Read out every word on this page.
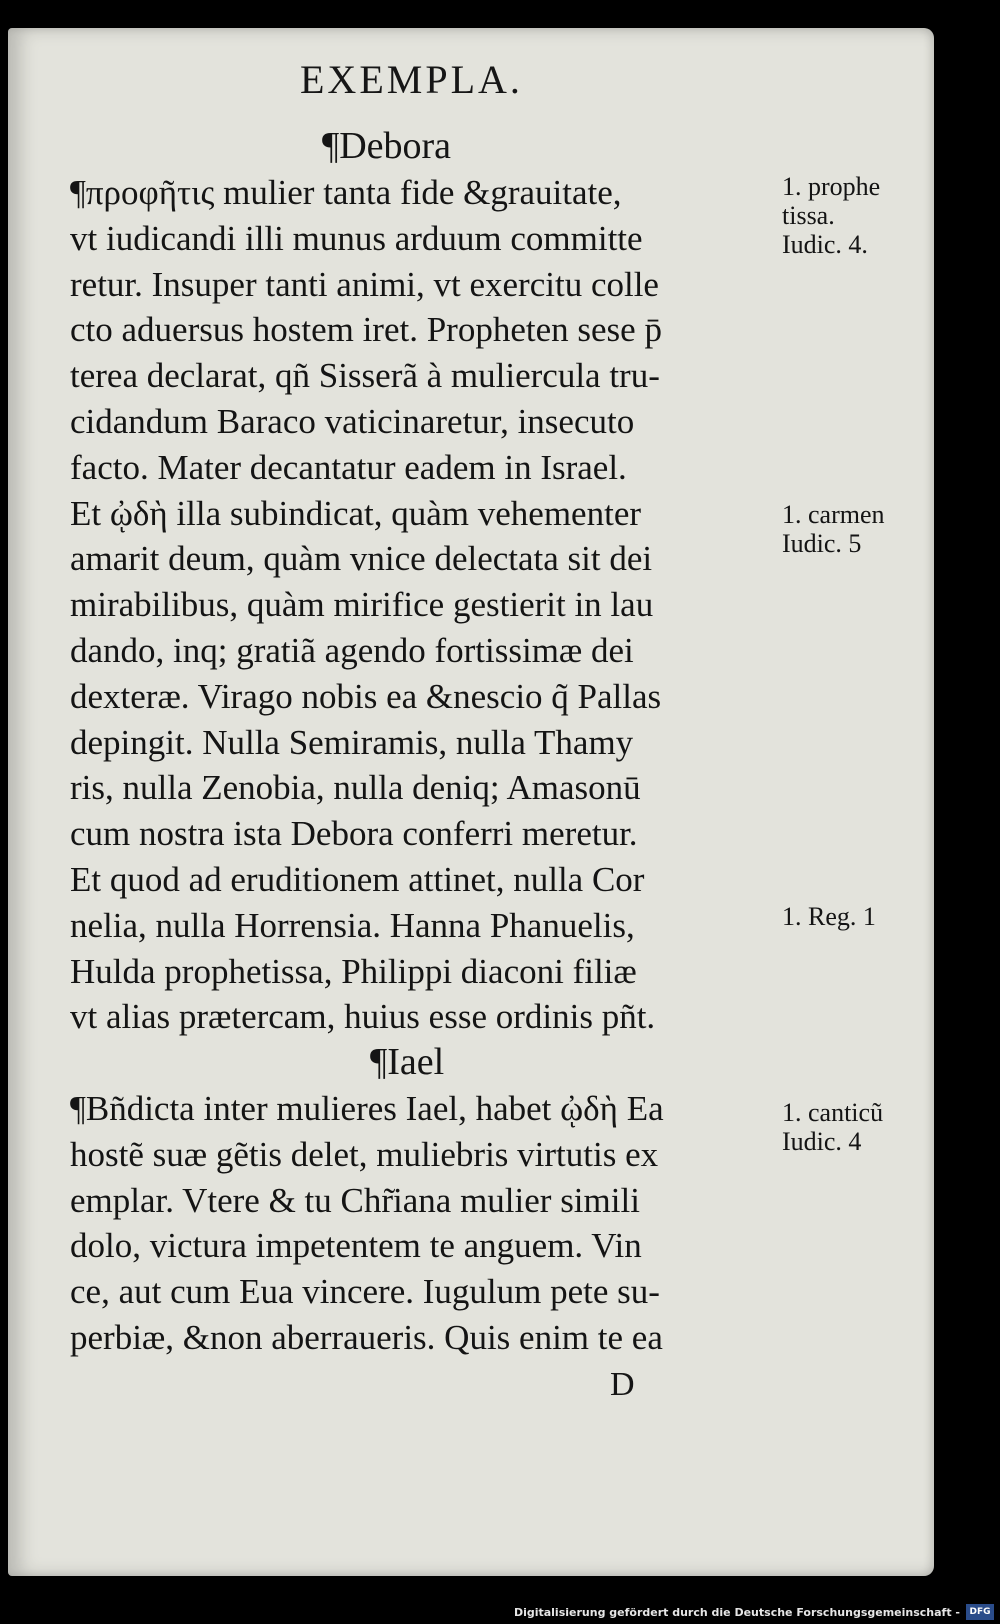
EXEMPLA.
¶Debora
¶προφῆτις mulier tanta fide &grauitate,
vt iudicandi illi munus arduum committe
retur. Insuper tanti animi, vt exercitu colle
cto aduersus hostem iret. Propheten sese p̄
terea declarat, qñ Sisserã à muliercula tru-
cidandum Baraco vaticinaretur, insecuto
facto. Mater decantatur eadem in Israel.
Et ᾠδὴ illa subindicat, quàm vehementer
amarit deum, quàm vnice delectata sit dei
mirabilibus, quàm mirifice gestierit in lau
dando, inq; gratiã agendo fortissimæ dei
dexteræ. Virago nobis ea &nescio q̃ Pallas
depingit. Nulla Semiramis, nulla Thamy
ris, nulla Zenobia, nulla deniq; Amasonū
cum nostra ista Debora conferri meretur.
Et quod ad eruditionem attinet, nulla Cor
nelia, nulla Horrensia. Hanna Phanuelis,
Hulda prophetissa, Philippi diaconi filiæ
vt alias prætercam, huius esse ordinis pñt.
¶Bñdicta inter mulieres Iael, habet ᾠδὴ Ea
hostẽ suæ gẽtis delet, muliebris virtutis ex
emplar. Vtere & tu Chr̃iana mulier simili
dolo, victura impetentem te anguem. Vin
ce, aut cum Eua vincere. Iugulum pete su-
perbiæ, &non aberraueris. Quis enim te ea
¶Iael
1. prophe
tissa.
Iudic. 4.
1. carmen
Iudic. 5
1. Reg. 1
1. canticũ
Iudic. 4
D
Digitalisierung gefördert durch die Deutsche Forschungsgemeinschaft -	DFG
